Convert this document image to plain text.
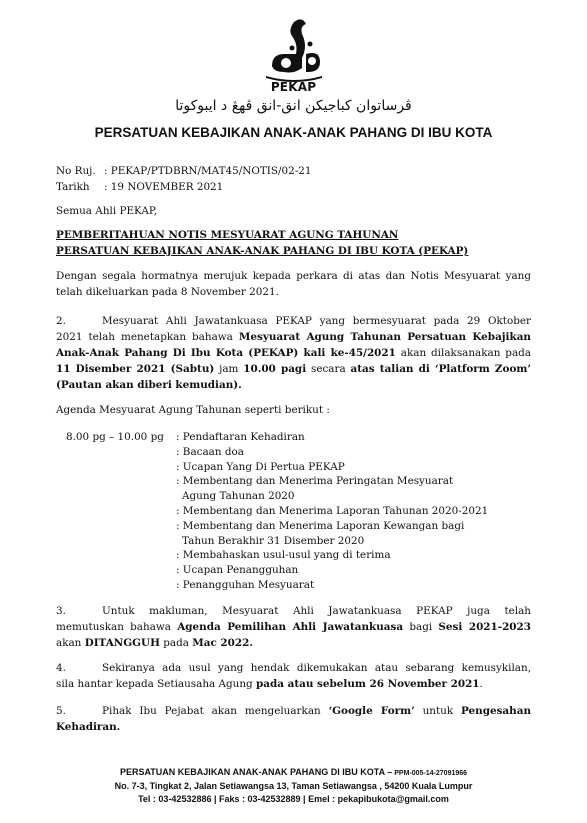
PEKAP
ڤرساتوان كباجيكن انق-انق ڤهڠ د ايبوكوتا
PERSATUAN KEBAJIKAN ANAK-ANAK PAHANG DI IBU KOTA
No Ruj. : PEKAP/PTDBRN/MAT45/NOTIS/02-21
Tarikh	: 19 NOVEMBER 2021
Semua Ahli PEKAP,
PEMBERITAHUAN NOTIS MESYUARAT AGUNG TAHUNAN
PERSATUAN KEBAJIKAN ANAK-ANAK PAHANG DI IBU KOTA (PEKAP)
Dengan segala hormatnya merujuk kepada perkara di atas dan Notis Mesyuarat yang
telah dikeluarkan pada 8 November 2021.
2.	Mesyuarat Ahli Jawatankuasa PEKAP yang bermesyuarat pada 29 Oktober
2021 telah menetapkan bahawa Mesyuarat Agung Tahunan Persatuan Kebajikan
Anak-Anak Pahang Di Ibu Kota (PEKAP) kali ke-45/2021 akan dilaksanakan pada
11 Disember 2021 (Sabtu) jam 10.00 pagi secara atas talian di ‘Platform Zoom’
(Pautan akan diberi kemudian).
Agenda Mesyuarat Agung Tahunan seperti berikut :
8.00 pg – 10.00 pg	: Pendaftaran Kehadiran
: Bacaan doa
: Ucapan Yang Di Pertua PEKAP
: Membentang dan Menerima Peringatan Mesyuarat
Agung Tahunan 2020
: Membentang dan Menerima Laporan Tahunan 2020-2021
: Membentang dan Menerima Laporan Kewangan bagi
Tahun Berakhir 31 Disember 2020
: Membahaskan usul-usul yang di terima
: Ucapan Penangguhan
: Penangguhan Mesyuarat
3.	Untuk makluman, Mesyuarat Ahli Jawatankuasa PEKAP juga telah
memutuskan bahawa Agenda Pemilihan Ahli Jawatankuasa bagi Sesi 2021-2023
akan DITANGGUH pada Mac 2022.
4.	Sekiranya ada usul yang hendak dikemukakan atau sebarang kemusykilan,
sila hantar kepada Setiausaha Agung pada atau sebelum 26 November 2021.
5.	Pihak Ibu Pejabat akan mengeluarkan ‘Google Form’ untuk Pengesahan
Kehadiran.
PERSATUAN KEBAJIKAN ANAK-ANAK PAHANG DI IBU KOTA – PPM-005-14-27091966
No. 7-3, Tingkat 2, Jalan Setiawangsa 13, Taman Setiawangsa , 54200 Kuala Lumpur
Tel : 03-42532886 | Faks : 03-42532889 | Emel : pekapibukota@gmail.com
